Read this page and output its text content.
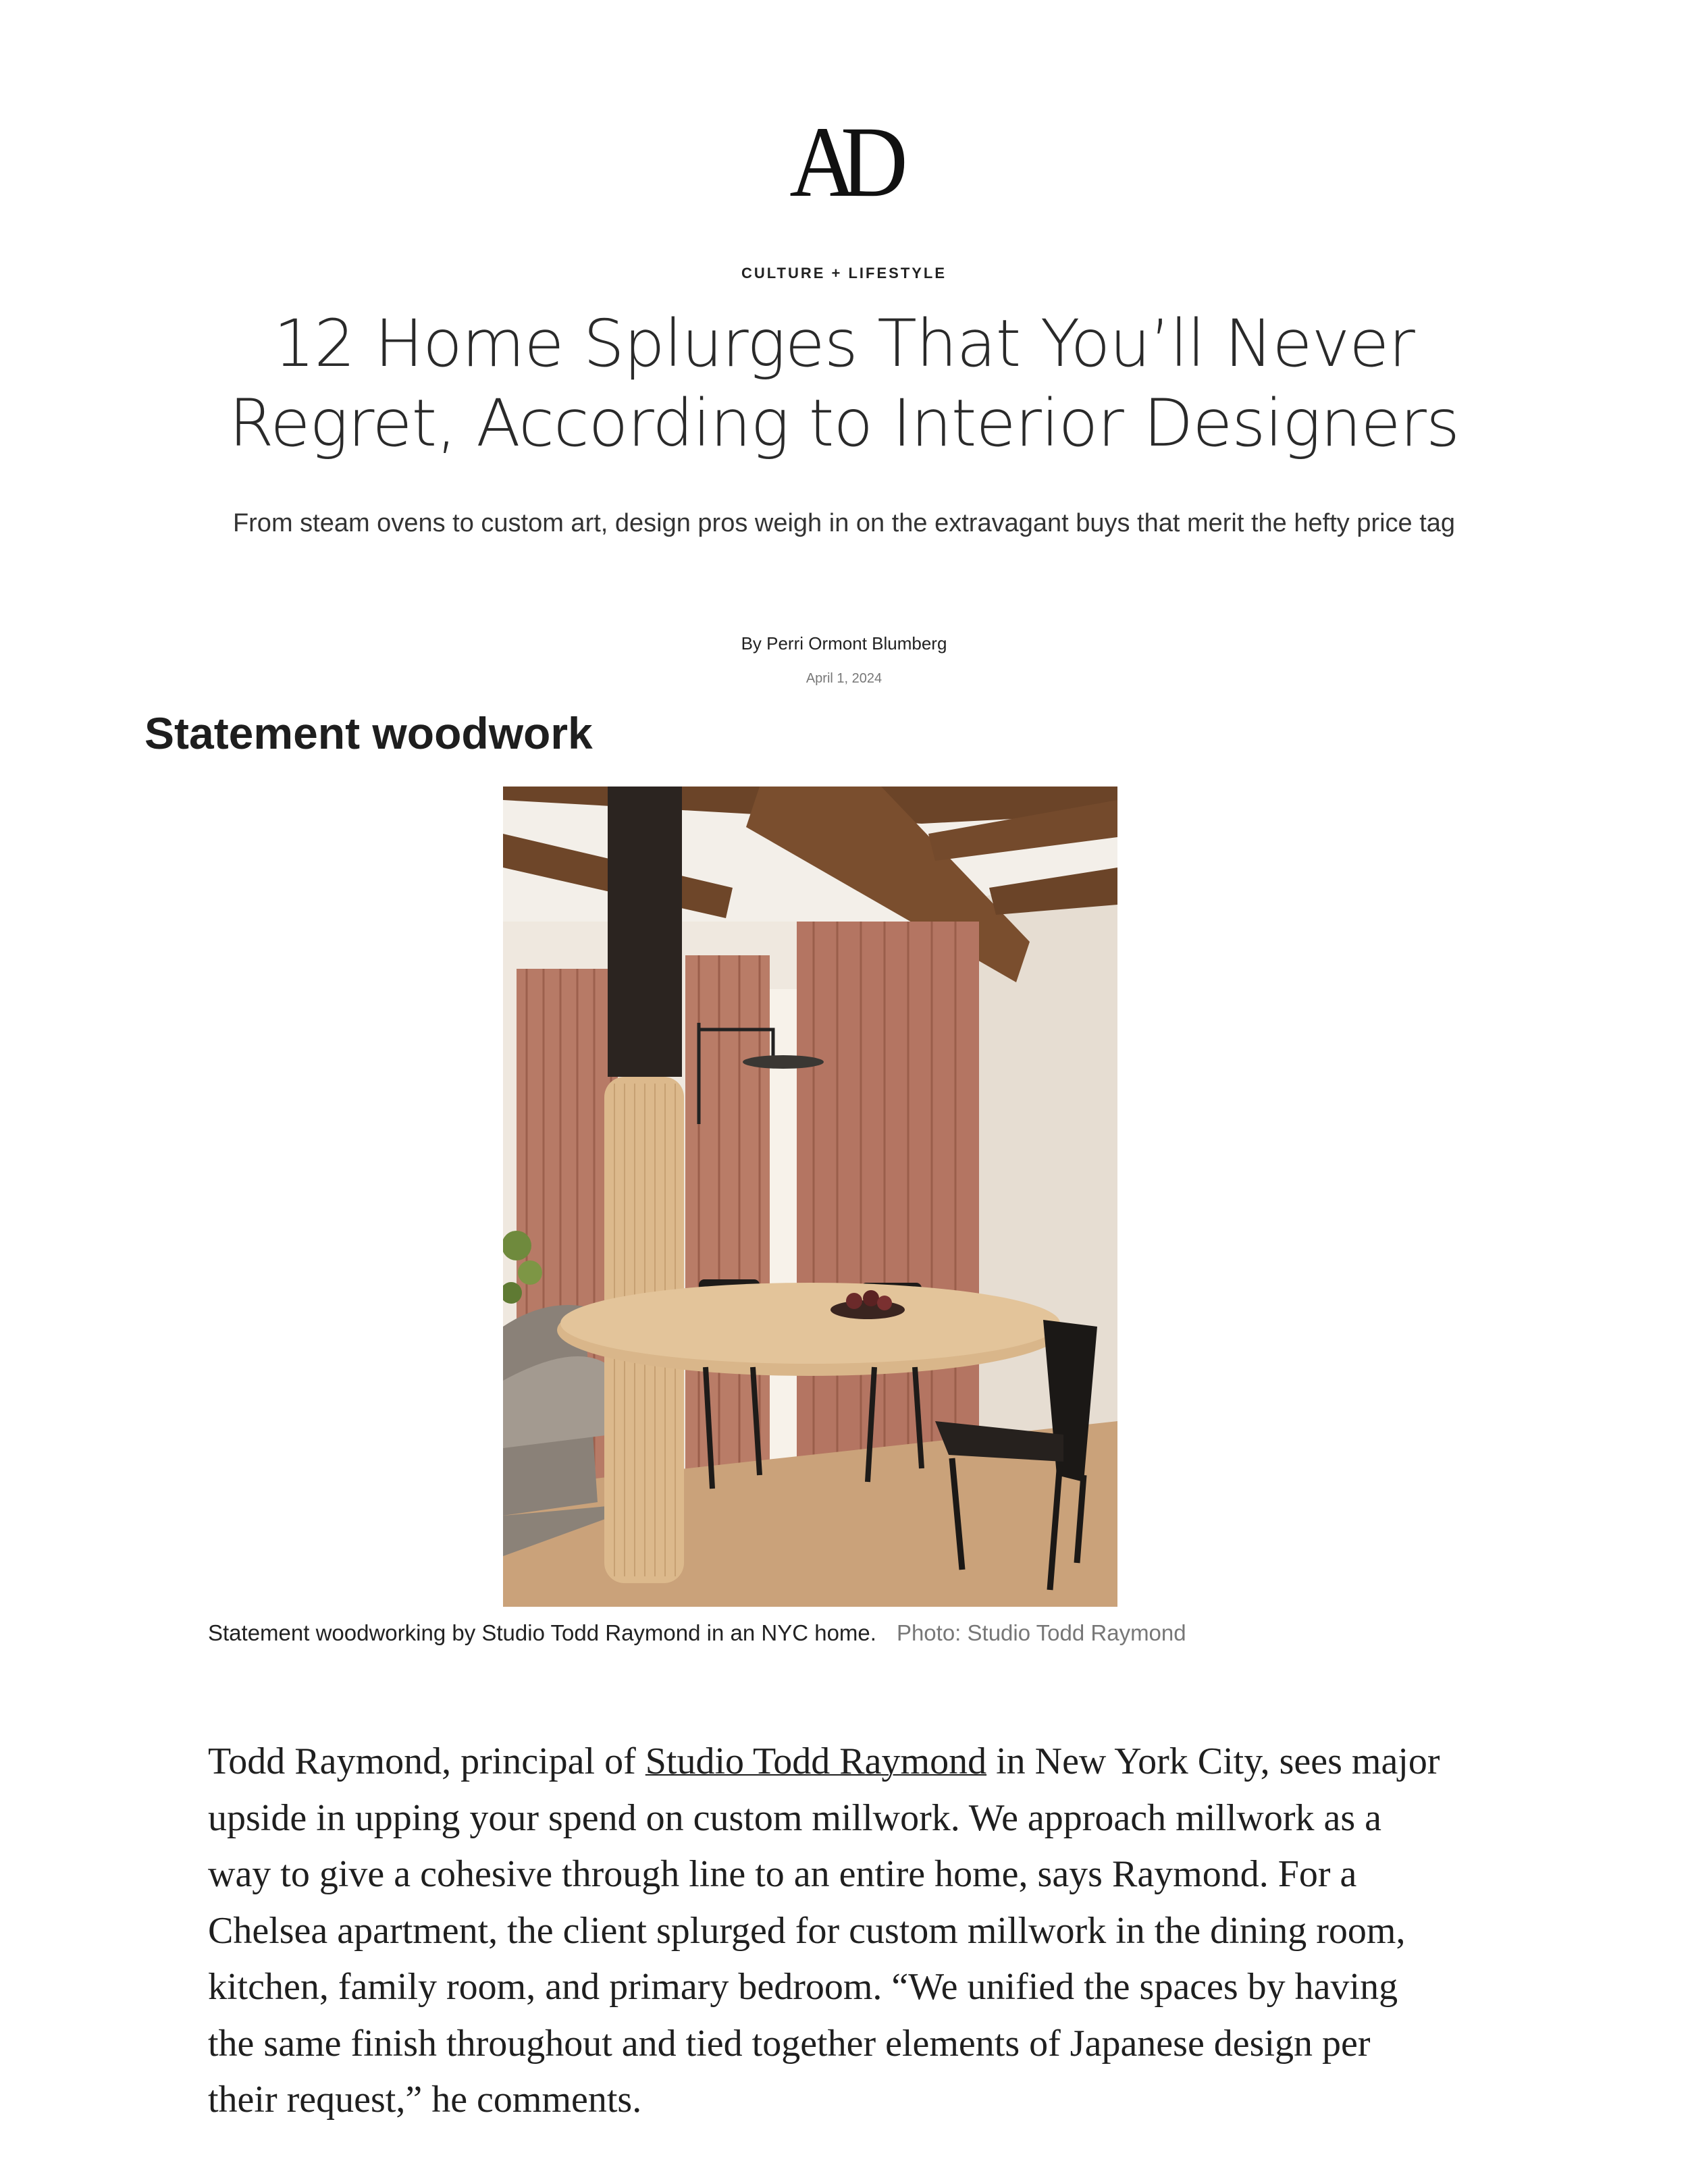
AD
CULTURE + LIFESTYLE
12 Home Splurges That You’ll Never Regret, According to Interior Designers
From steam ovens to custom art, design pros weigh in on the extravagant buys that merit the hefty price tag
By Perri Ormont Blumberg
April 1, 2024
Statement woodwork
Statement woodworking by Studio Todd Raymond in an NYC home. Photo: Studio Todd Raymond

Todd Raymond, principal of Studio Todd Raymond in New York City, sees major upside in upping your spend on custom millwork. We approach millwork as a way to give a cohesive through line to an entire home, says Raymond. For a Chelsea apartment, the client splurged for custom millwork in the dining room, kitchen, family room, and primary bedroom. “We unified the spaces by having the same finish throughout and tied together elements of Japanese design per their request,” he comments.
